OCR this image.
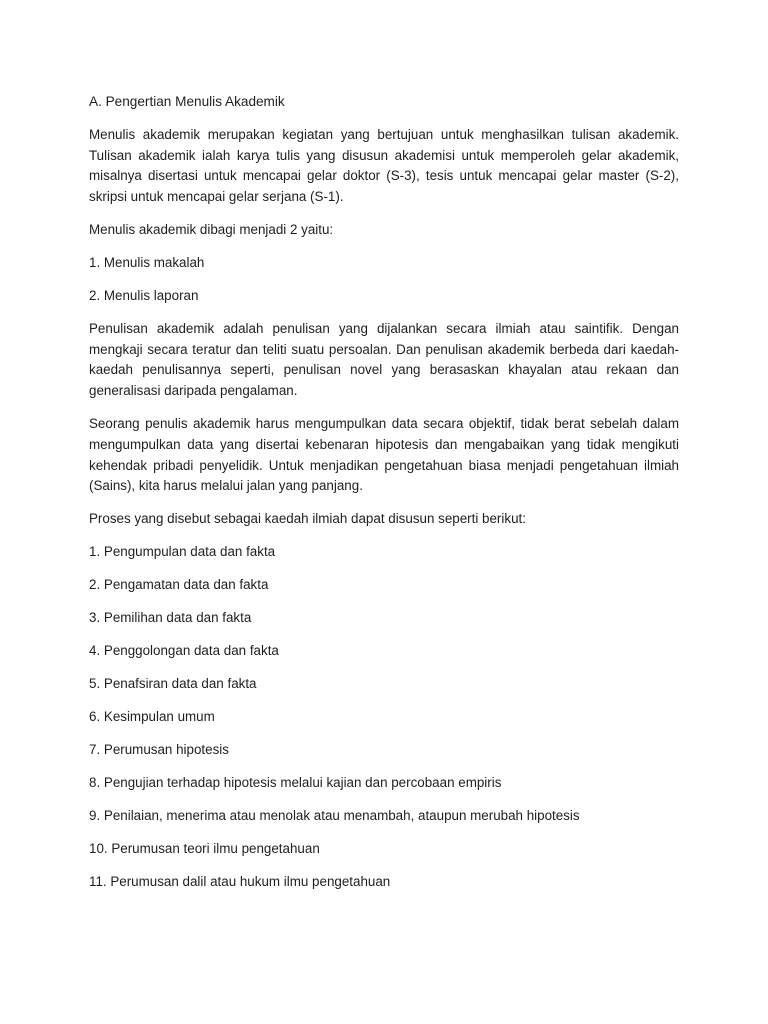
A. Pengertian Menulis Akademik

Menulis akademik merupakan kegiatan yang bertujuan untuk menghasilkan tulisan akademik. Tulisan akademik ialah karya tulis yang disusun akademisi untuk memperoleh gelar akademik, misalnya disertasi untuk mencapai gelar doktor (S-3), tesis untuk mencapai gelar master (S-2), skripsi untuk mencapai gelar serjana (S-1).

Menulis akademik dibagi menjadi 2 yaitu:

1. Menulis makalah
2. Menulis laporan

Penulisan akademik adalah penulisan yang dijalankan secara ilmiah atau saintifik. Dengan mengkaji secara teratur dan teliti suatu persoalan. Dan penulisan akademik berbeda dari kaedah-kaedah penulisannya seperti, penulisan novel yang berasaskan khayalan atau rekaan dan generalisasi daripada pengalaman.

Seorang penulis akademik harus mengumpulkan data secara objektif, tidak berat sebelah dalam mengumpulkan data yang disertai kebenaran hipotesis dan mengabaikan yang tidak mengikuti kehendak pribadi penyelidik. Untuk menjadikan pengetahuan biasa menjadi pengetahuan ilmiah (Sains), kita harus melalui jalan yang panjang.

Proses yang disebut sebagai kaedah ilmiah dapat disusun seperti berikut:

1. Pengumpulan data dan fakta
2. Pengamatan data dan fakta
3. Pemilihan data dan fakta
4. Penggolongan data dan fakta
5. Penafsiran data dan fakta
6. Kesimpulan umum
7. Perumusan hipotesis
8. Pengujian terhadap hipotesis melalui kajian dan percobaan empiris
9. Penilaian, menerima atau menolak atau menambah, ataupun merubah hipotesis
10. Perumusan teori ilmu pengetahuan
11. Perumusan dalil atau hukum ilmu pengetahuan
